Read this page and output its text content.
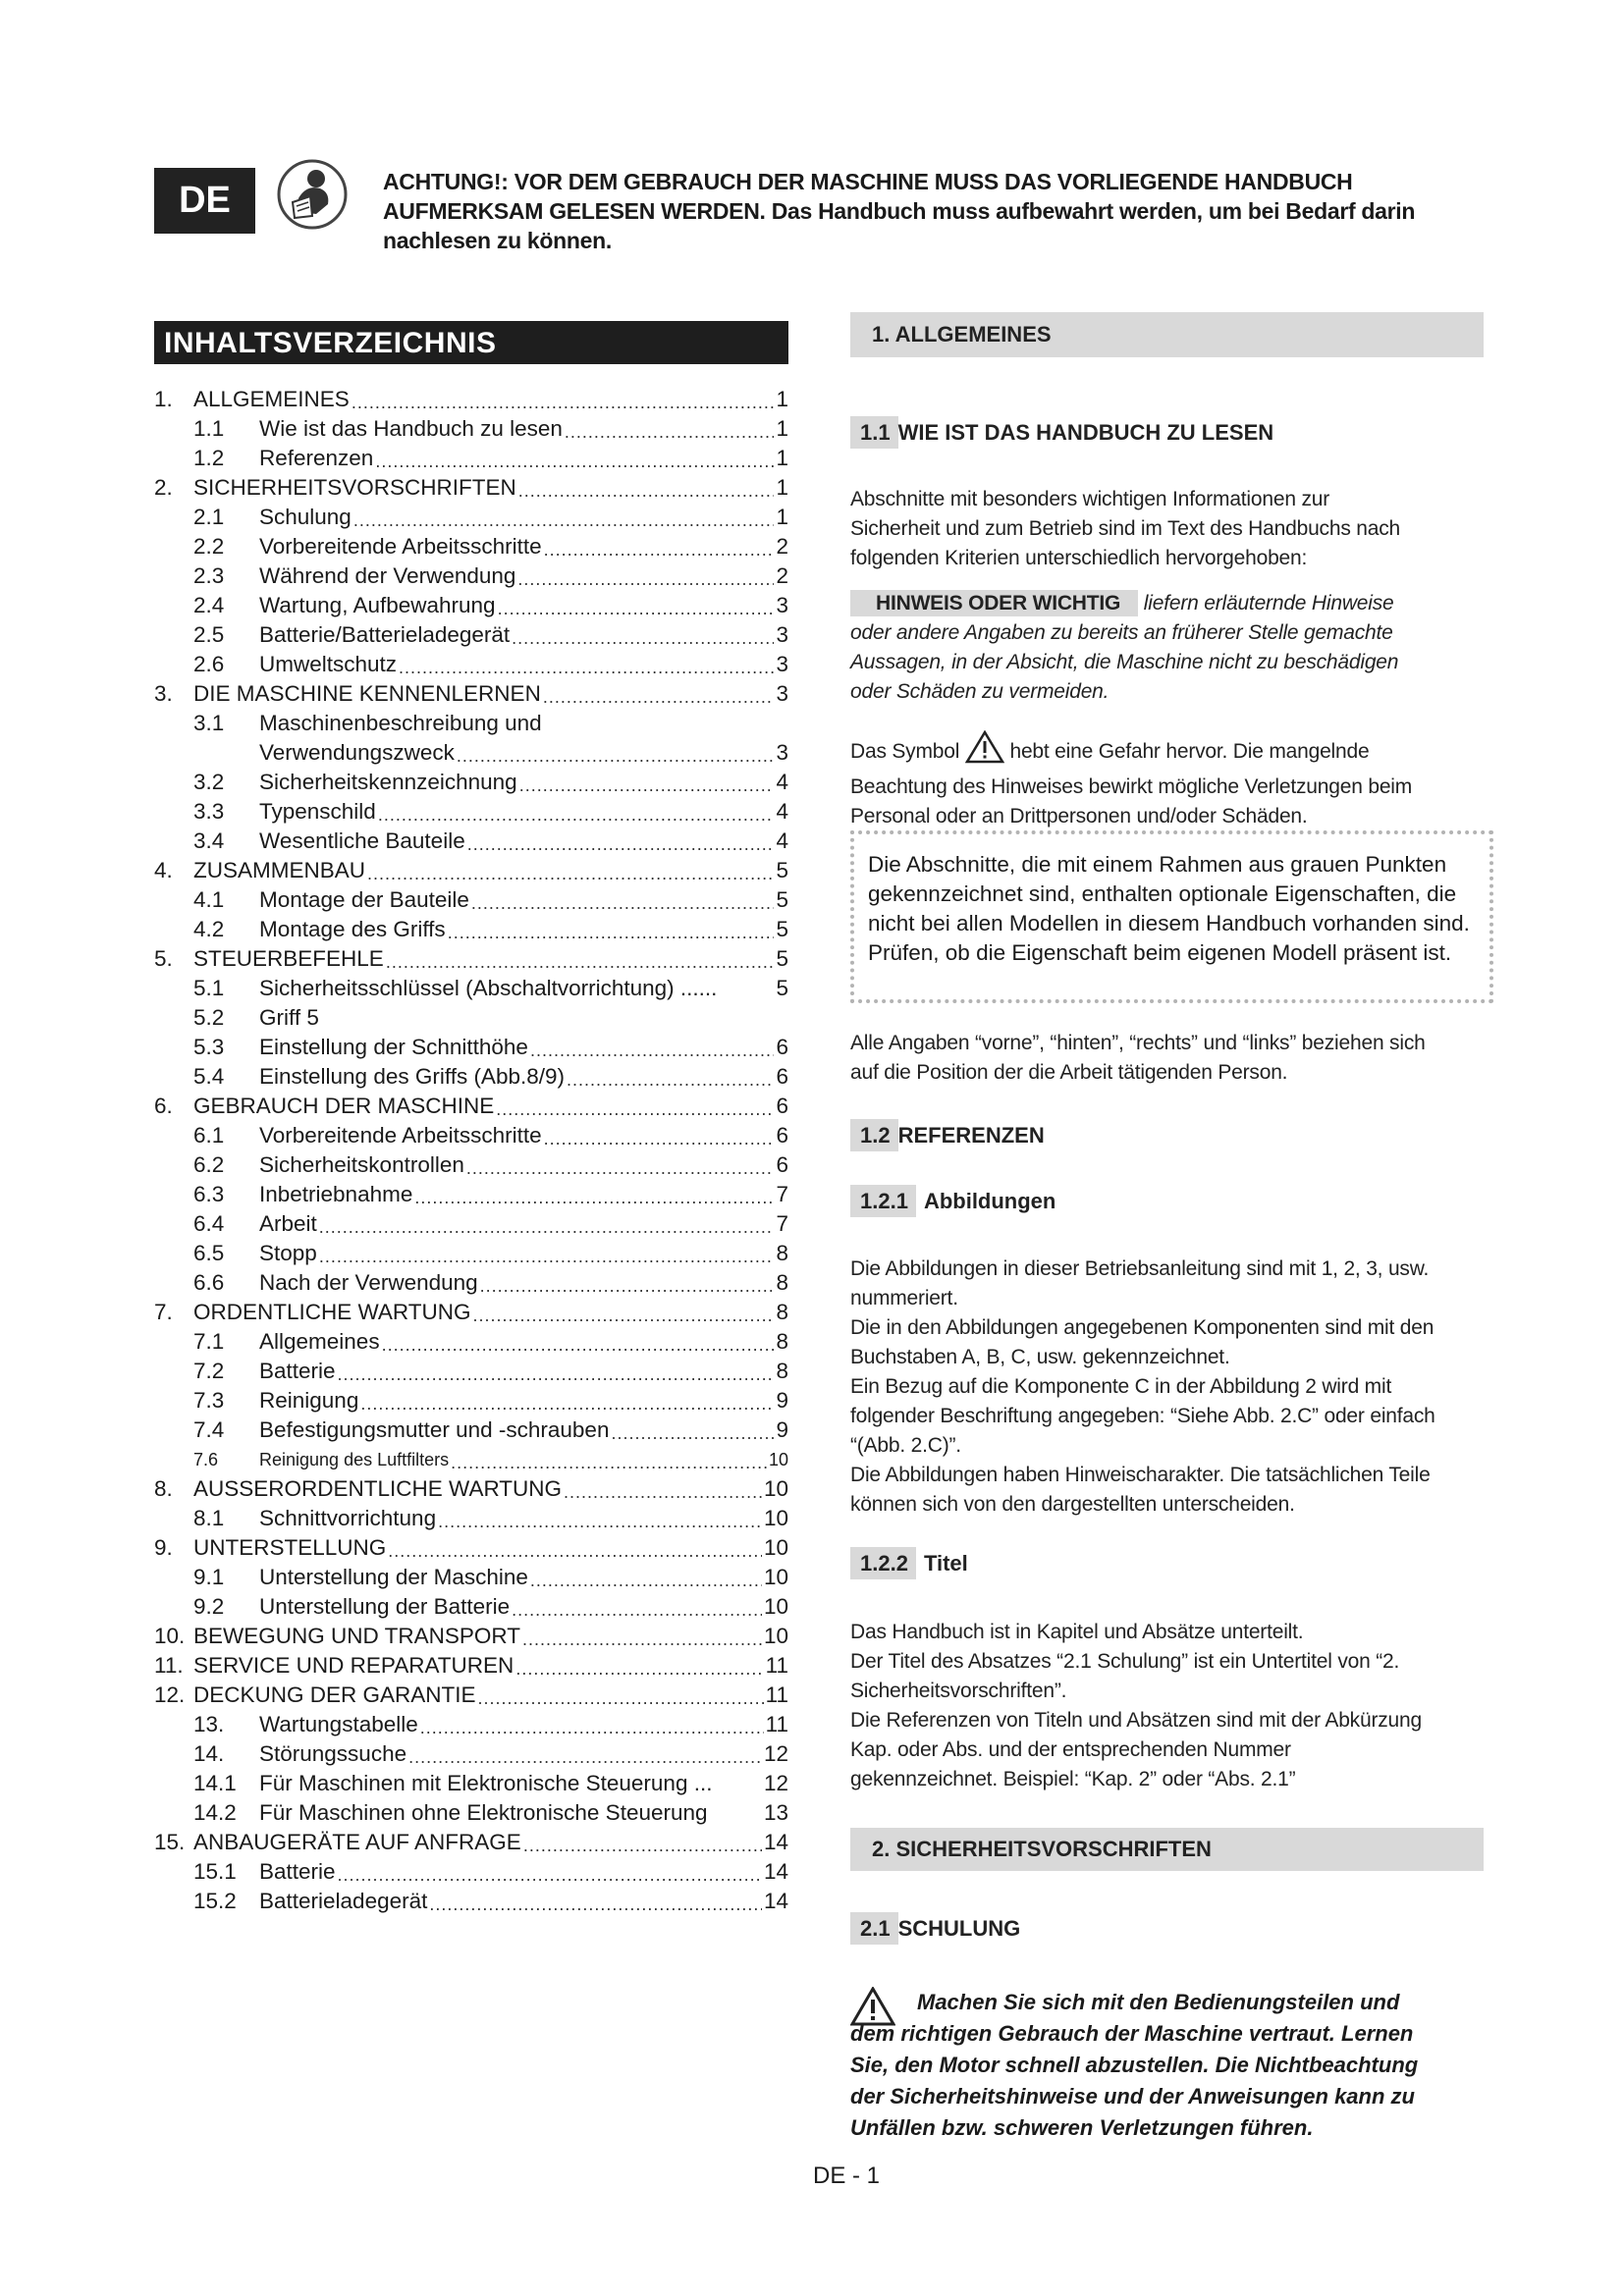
DE	ACHTUNG!: VOR DEM GEBRAUCH DER MASCHINE MUSS DAS VORLIEGENDE HANDBUCH AUFMERKSAM GELESEN WERDEN. Das Handbuch muss aufbewahrt werden, um bei Bedarf darin nachlesen zu können.
INHALTSVERZEICHNIS
1. ALLGEMEINES .....	1
1.1	Wie ist das Handbuch zu lesen .....	1
1.2	Referenzen .....	1
2. SICHERHEITSVORSCHRIFTEN .....	1
2.1	Schulung .....	1
2.2	Vorbereitende Arbeitsschritte .....	2
2.3	Während der Verwendung .....	2
2.4	Wartung, Aufbewahrung .....	3
2.5	Batterie/Batterieladegerät .....	3
2.6	Umweltschutz .....	3
3. DIE MASCHINE KENNENLERNEN .....	3
3.1	Maschinenbeschreibung und
Verwendungszweck .....	3
3.2	Sicherheitskennzeichnung .....	4
3.3	Typenschild .....	4
3.4	Wesentliche Bauteile .....	4
4. ZUSAMMENBAU .....	5
4.1	Montage der Bauteile .....	5
4.2	Montage des Griffs .....	5
5. STEUERBEFEHLE .....	5
5.1	Sicherheitsschlüssel (Abschaltvorrichtung) ......	5
5.2	Griff 5
5.3	Einstellung der Schnitthöhe .....	6
5.4	Einstellung des Griffs (Abb.8/9) .....	6
6. GEBRAUCH DER MASCHINE .....	6
6.1	Vorbereitende Arbeitsschritte .....	6
6.2	Sicherheitskontrollen .....	6
6.3	Inbetriebnahme .....	7
6.4	Arbeit .....	7
6.5	Stopp .....	8
6.6	Nach der Verwendung .....	8
7. ORDENTLICHE WARTUNG .....	8
7.1	Allgemeines .....	8
7.2	Batterie .....	8
7.3	Reinigung .....	9
7.4	Befestigungsmutter und -schrauben .....	9
7.6	Reinigung des Luftfilters .....	10
8. AUSSERORDENTLICHE WARTUNG .....	10
8.1	Schnittvorrichtung .....	10
9. UNTERSTELLUNG .....	10
9.1	Unterstellung der Maschine .....	10
9.2	Unterstellung der Batterie .....	10
10. BEWEGUNG UND TRANSPORT .....	10
11. SERVICE UND REPARATUREN .....	11
12. DECKUNG DER GARANTIE .....	11
13.	Wartungstabelle .....	11
14.	Störungssuche .....	12
14.1	Für Maschinen mit Elektronische Steuerung ... 12
14.2	Für Maschinen ohne Elektronische Steuerung	13
15. ANBAUGERÄTE AUF ANFRAGE .....	14
15.1	Batterie .....	14
15.2	Batterieladegerät .....	14
1. ALLGEMEINES
1.1 WIE IST DAS HANDBUCH ZU LESEN
Abschnitte mit besonders wichtigen Informationen zur Sicherheit und zum Betrieb sind im Text des Handbuchs nach folgenden Kriterien unterschiedlich hervorgehoben:
HINWEIS ODER WICHTIG liefern erläuternde Hinweise oder andere Angaben zu bereits an früherer Stelle gemachte Aussagen, in der Absicht, die Maschine nicht zu beschädigen oder Schäden zu vermeiden.
Das Symbol  hebt eine Gefahr hervor. Die mangelnde Beachtung des Hinweises bewirkt mögliche Verletzungen beim Personal oder an Drittpersonen und/oder Schäden.
Die Abschnitte, die mit einem Rahmen aus grauen Punkten gekennzeichnet sind, enthalten optionale Eigenschaften, die nicht bei allen Modellen in diesem Handbuch vorhanden sind. Prüfen, ob die Eigenschaft beim eigenen Modell präsent ist.
Alle Angaben “vorne”, “hinten”, “rechts” und “links” beziehen sich auf die Position der die Arbeit tätigenden Person.
1.2 REFERENZEN
1.2.1 Abbildungen
Die Abbildungen in dieser Betriebsanleitung sind mit 1, 2, 3, usw. nummeriert.
Die in den Abbildungen angegebenen Komponenten sind mit den Buchstaben A, B, C, usw. gekennzeichnet.
Ein Bezug auf die Komponente C in der Abbildung 2 wird mit folgender Beschriftung angegeben: “Siehe Abb. 2.C” oder einfach “(Abb. 2.C)”.
Die Abbildungen haben Hinweischarakter. Die tatsächlichen Teile können sich von den dargestellten unterscheiden.
1.2.2 Titel
Das Handbuch ist in Kapitel und Absätze unterteilt.
Der Titel des Absatzes “2.1 Schulung” ist ein Untertitel von “2. Sicherheitsvorschriften”.
Die Referenzen von Titeln und Absätzen sind mit der Abkürzung Kap. oder Abs. und der entsprechenden Nummer gekennzeichnet. Beispiel: “Kap. 2” oder “Abs. 2.1”
2. SICHERHEITSVORSCHRIFTEN
2.1 SCHULUNG
Machen Sie sich mit den Bedienungsteilen und dem richtigen Gebrauch der Maschine vertraut. Lernen Sie, den Motor schnell abzustellen. Die Nichtbeachtung der Sicherheitshinweise und der Anweisungen kann zu Unfällen bzw. schweren Verletzungen führen.
DE - 1
